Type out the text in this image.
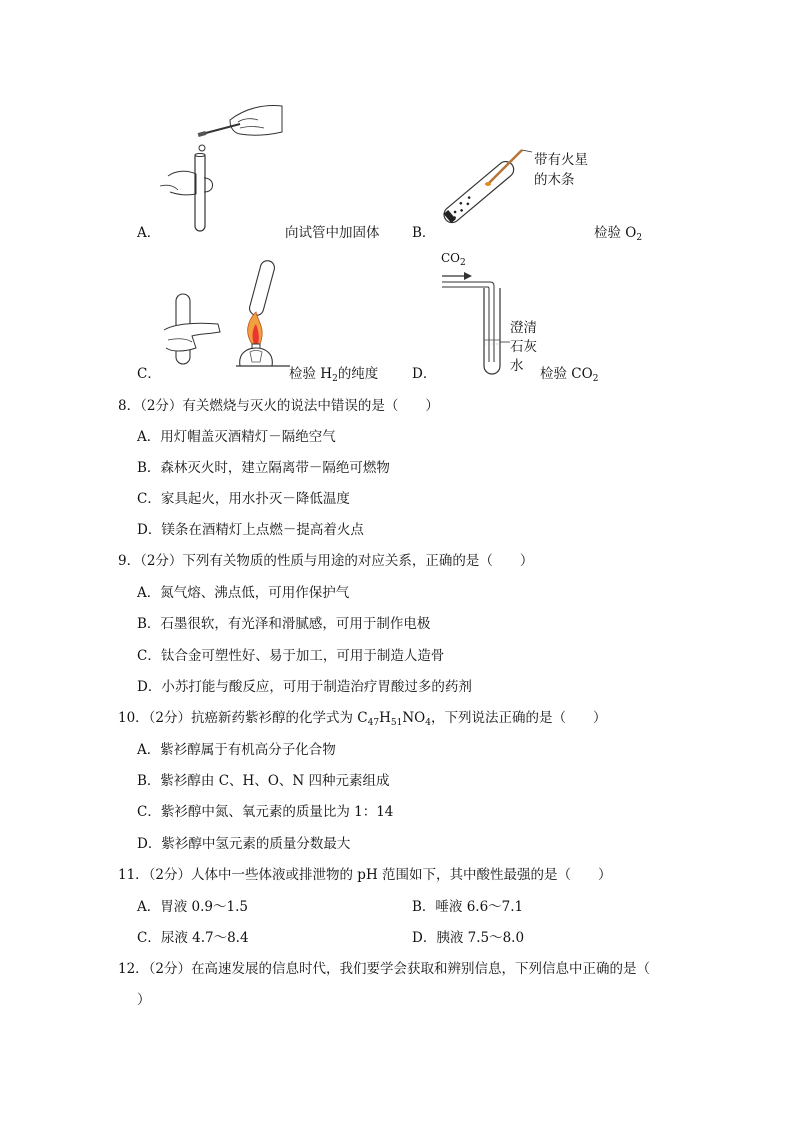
A．	向试管中加固体
带有火星
的木条
B．	检验 $O_2$
C．	检验 $H_2$的纯度
$CO_2$
澄清
石灰
水
D．	检验 $CO_2$
8．（2分）有关燃烧与灭火的说法中错误的是（　　）
A．用灯帽盖灭酒精灯－隔绝空气
B．森林灭火时，建立隔离带－隔绝可燃物
C．家具起火，用水扑灭－降低温度
D．镁条在酒精灯上点燃－提高着火点
9．（2分）下列有关物质的性质与用途的对应关系，正确的是（　　）
A．氮气熔、沸点低，可用作保护气
B．石墨很软，有光泽和滑腻感，可用于制作电极
C．钛合金可塑性好、易于加工，可用于制造人造骨
D．小苏打能与酸反应，可用于制造治疗胃酸过多的药剂
10．（2分）抗癌新药紫衫醇的化学式为 $C_{47}H_{51}NO_4$，下列说法正确的是（　　）
A．紫衫醇属于有机高分子化合物
B．紫衫醇由 C、H、O、N 四种元素组成
C．紫衫醇中氮、氧元素的质量比为 1：14
D．紫衫醇中氢元素的质量分数最大
11．（2分）人体中一些体液或排泄物的 pH 范围如下，其中酸性最强的是（　　）
A．胃液 0.9～1.5	B．唾液 6.6～7.1
C．尿液 4.7～8.4	D．胰液 7.5～8.0
12．（2分）在高速发展的信息时代，我们要学会获取和辨别信息，下列信息中正确的是（
）
